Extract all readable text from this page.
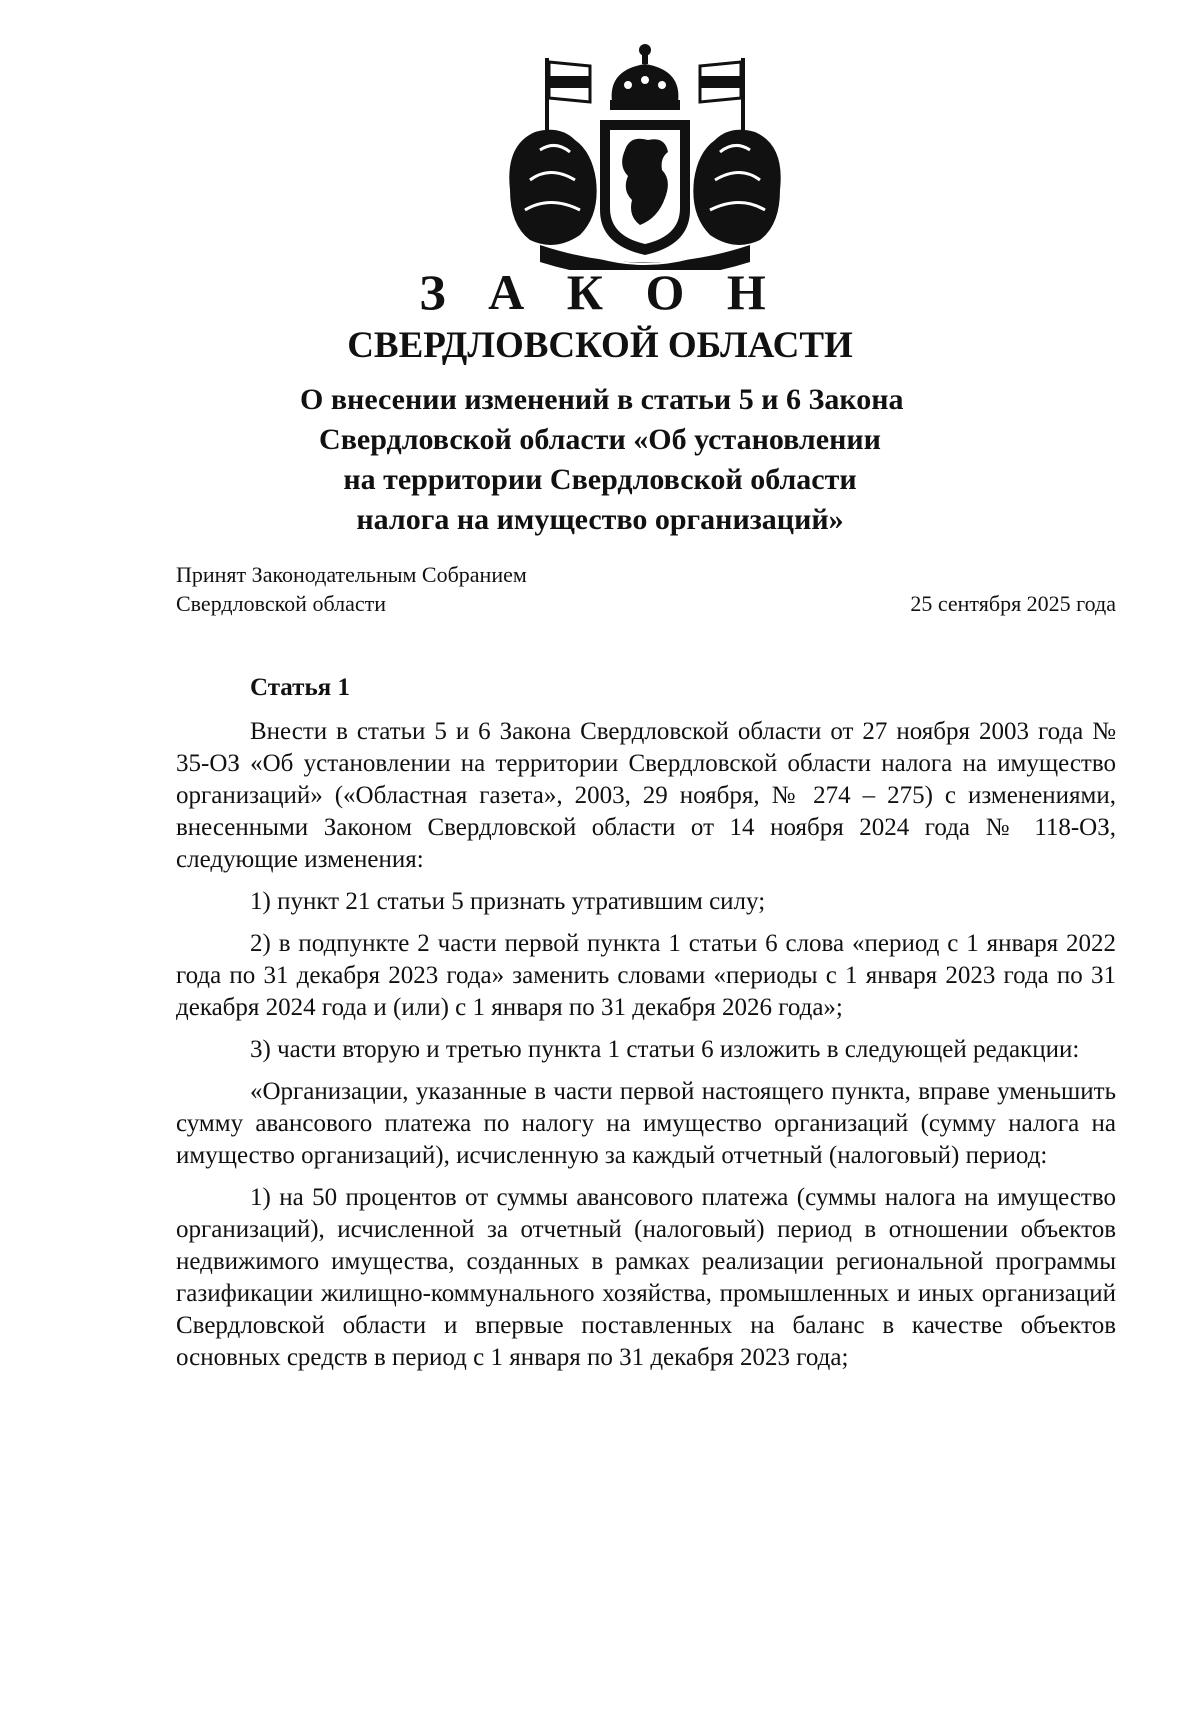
З А К О Н
СВЕРДЛОВСКОЙ ОБЛАСТИ
О внесении изменений в статьи 5 и 6 Закона
Свердловской области «Об установлении
на территории Свердловской области
налога на имущество организаций»
Принят Законодательным Собранием
Свердловской области	25 сентября 2025 года
Статья 1

Внести в статьи 5 и 6 Закона Свердловской области от 27 ноября 2003 года № 35-ОЗ «Об установлении на территории Свердловской области налога на имущество организаций» («Областная газета», 2003, 29 ноября, № 274 – 275) с изменениями, внесенными Законом Свердловской области от 14 ноября 2024 года № 118-ОЗ, следующие изменения:

1) пункт 21 статьи 5 признать утратившим силу;

2) в подпункте 2 части первой пункта 1 статьи 6 слова «период с 1 января 2022 года по 31 декабря 2023 года» заменить словами «периоды с 1 января 2023 года по 31 декабря 2024 года и (или) с 1 января по 31 декабря 2026 года»;

3) части вторую и третью пункта 1 статьи 6 изложить в следующей редакции:

«Организации, указанные в части первой настоящего пункта, вправе уменьшить сумму авансового платежа по налогу на имущество организаций (сумму налога на имущество организаций), исчисленную за каждый отчетный (налоговый) период:

1) на 50 процентов от суммы авансового платежа (суммы налога на имущество организаций), исчисленной за отчетный (налоговый) период в отношении объектов недвижимого имущества, созданных в рамках реализации региональной программы газификации жилищно-коммунального хозяйства, промышленных и иных организаций Свердловской области и впервые поставленных на баланс в качестве объектов основных средств в период с 1 января по 31 декабря 2023 года;
